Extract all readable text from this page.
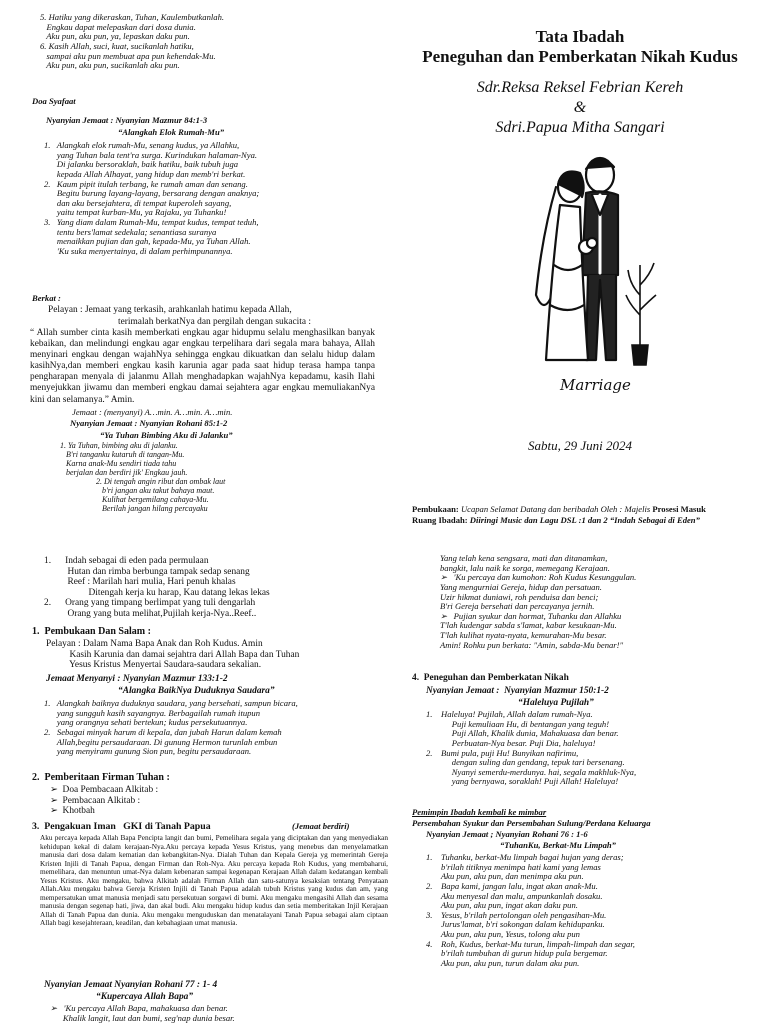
5. Hatiku yang dikeraskan, Tuhan, Kaulembutkanlah.
Engkau dapat melepaskan dari dosa dunia.
Aku pun, aku pun, ya, lepaskan daku pun.
6. Kasih Allah, suci, kuat, sucikanlah hatiku,
sampai aku pun membuat apa pun kehendak-Mu.
Aku pun, aku pun, sucikanlah aku pun.
Doa Syafaat
Nyanyian Jemaat : Nyanyian Mazmur 84:1-3
“Alangkah Elok Rumah-Mu”
1.   Alangkah elok rumah-Mu, senang kudus, ya Allahku,
yang Tuhan bala tent'ra surga. Kurindukan halaman-Nya.
Di jalanku bersoraklah, baik hatiku, baik tubuh juga
kepada Allah Alhayat, yang hidup dan memb'ri berkat.
2.   Kaum pipit itulah terbang, ke rumah aman dan senang.
Begitu burung layang-layang, bersarang dengan anaknya;
dan aku bersejahtera, di tempat kuperoleh sayang,
yaitu tempat kurban-Mu, ya Rajaku, ya Tuhanku!
3.   Yang diam dalam Rumah-Mu, tempat kudus, tempat teduh,
tentu bers'lamat sedekala; senantiasa suranya
menaikkan pujian dan gah, kepada-Mu, ya Tuhan Allah.
'Ku suka menyertainya, di dalam perhimpunannya.
Berkat :
Pelayan : Jemaat yang terkasih, arahkanlah hatimu kepada Allah,
terimalah berkatNya dan pergilah dengan sukacita :
“ Allah sumber cinta kasih memberkati engkau agar hidupmu selalu menghasilkan banyak kebaikan, dan melindungi engkau agar engkau terpelihara dari segala mara bahaya, Allah menyinari engkau dengan wajahNya sehingga engkau dikuatkan dan selalu hidup dalam kasihNya,dan memberi engkau kasih karunia agar pada saat hidup terasa hampa tanpa pengharapan menyala di jalanmu Allah menghadapkan wajahNya kepadamu, kasih Ilahi menyejukkan jiwamu dan memberi engkau damai sejahtera agar engkau memuliakanNya kini dan selamanya.” Amin.
Jemaat : (menyanyi) A…min. A…min. A…min.
Nyanyian Jemaat : Nyanyian Rohani 85:1-2
“Ya Tuhan Bimbing Aku di Jalanku”
1. Ya Tuhan, bimbing aku di jalanku.
B'ri tanganku kutaruh di tangan-Mu.
Karna anak-Mu sendiri tiada tahu
berjalan dan berdiri jik' Engkau jauh.
2. Di tengah angin ribut dan ombak laut
b'ri jangan aku takut bahaya maut.
Kulihat bergemilang cahaya-Mu.
Berilah jangan hilang percayaku
Tata Ibadah
Peneguhan dan Pemberkatan Nikah Kudus
Sdr.Reksa Reksel Febrian Kereh
&
Sdri.Papua Mitha Sangari
Marriage
Sabtu, 29 Juni 2024
Pembukaan: Ucapan Selamat Datang dan beribadah Oleh : Majelis Prosesi Masuk
Ruang Ibadah: Diiringi Music dan Lagu DSL :1 dan 2 “Indah Sebagai di Eden”
1.      Indah sebagai di eden pada permulaan
Hutan dan rimba berbunga tampak sedap senang
Reef : Marilah hari mulia, Hari penuh khalas
Ditengah kerja ku harap, Kau datang lekas lekas
2.      Orang yang timpang berlimpat yang tuli dengarlah
Orang yang buta melihat,Pujilah kerja-Nya..Reef..
1.  Pembukaan Dan Salam :
Pelayan : Dalam Nama Bapa Anak dan Roh Kudus. Amin
Kasih Karunia dan damai sejahtra dari Allah Bapa dan Tuhan
Yesus Kristus Menyertai Saudara-saudara sekalian.
Jemaat Menyanyi : Nyanyian Mazmur 133:1-2
“Alangka BaikNya Duduknya Saudara”
1.   Alangkah baiknya duduknya saudara, yang bersehati, sampun bicara,
yang sungguh kasih sayangnya. Berbagailah rumah itupun
yang orangnya sehati bertekun; kudus persekutuannya.
2.   Sebagai minyak harum di kepala, dan jubah Harun dalam kemah
Allah,begitu persaudaraan. Di gunung Hermon turunlah embun
yang menyiramı gunung Sion pun, begitu persaudaraan.
2.  Pemberitaan Firman Tuhan :
➢  Doa Pembacaan Alkitab :
➢  Pembacaan Alkitab :
➢  Khotbah
3.  Pengakuan Iman   GKI di Tanah Papua	(Jemaat berdiri)
Aku percaya kepada Allah Bapa Pencipta langit dan bumi, Pemelihara segala yang diciptakan dan yang menyediakan kehidupan kekal di dalam kerajaan-Nya.Aku percaya kepada Yesus Kristus, yang menebus dan menyelamatkan manusia dari dosa dalam kematian dan kebangkitan-Nya. Dialah Tuhan dan Kepala Gereja yg memerintah Gereja Kristen Injili di Tanah Papua, dengan Firman dan Roh-Nya. Aku percaya kepada Roh Kudus, yang membaharui, memelihara, dan menuntun umat-Nya dalam kebenaran sampai kegenapan Kerajaan Allah dalam kedatangan kembali Yesus Kristus. Aku mengaku, bahwa Alkitab adalah Firman Allah dan satu-satunya kesaksian tentang Penyataan Allah.Aku mengaku bahwa Gereja Kristen Injili di Tanah Papua adalah tubuh Kristus yang kudus dan am, yang mempersatukan umat manusia menjadi satu persekutuan sorgawi di bumi. Aku mengaku mengasihi Allah dan sesama manusia dengan segenap hati, jiwa, dan akal budi. Aku mengaku hidup kudus dan setia memberitakan Injil Kerajaan Allah di Tanah Papua dan dunia. Aku mengaku menguduskan dan menatalayani Tanah Papua sebagai alam ciptaan Allah bagi kesejahteraan, keadilan, dan kebahagiaan umat manusia.
Nyanyian Jemaat Nyanyian Rohani 77 : 1- 4
“Kupercaya Allah Bapa”
➢   'Ku percaya Allah Bapa, mahakuasa dan benar.
Khalik langit, laut dan bumi, seg'nap dunia besar.
Yang telah kena sengsara, mati dan ditanamkan,
bangkit, lalu naik ke sorga, memegang Kerajaan.
➢   'Ku percaya dan kumohon: Roh Kudus Kesunggulan.
Yang mengurniai Gereja, hidup dan persatuan.
Uzir hikmat duniawi, roh penduisa dan benci;
B'ri Gereja bersehati dan percayanya jernih.
➢   Pujian syukur dan hormat, Tuhanku dan Allahku
T'lah kudengar sabda s'lamat, kabar kesukaan-Mu.
T'lah kulihat nyata-nyata, kemurahan-Mu besar.
Amin! Rohku pun berkata: "Amin, sabda-Mu benar!"
4.  Peneguhan dan Pemberkatan Nikah
Nyanyian Jemaat :  Nyanyian Mazmur 150:1-2
“Haleluya Pujilah”
1.    Haleluya! Pujilah, Allah dalam rumah-Nya.
Puji kemuliaan Hu, di bentangan yang teguh!
Puji Allah, Khalik dunia, Mahakuasa dan benar.
Perbuatan-Nya besar. Puji Dia, haleluya!
2.    Bumi pula, puji Hu! Bunyikan nafirimu,
dengan suling dan gendang, tepuk tari bersenang.
Nyanyi semerdu-merdunya. hai, segala makhluk-Nya,
yang bernyawa, soraklah! Puji Allah! Haleluya!
Pemimpin Ibadah kembali ke mimbar
Persembahan Syukur dan Persembahan Sulung/Perdana Keluarga
Nyanyian Jemaat ; Nyanyian Rohani 76 : 1-6
“TuhanKu, Berkat-Mu Limpah”
1.    Tuhanku, berkat-Mu limpah bagai hujan yang deras;
b'rilah titiknya menimpa hati kami yang lemas
Aku pun, aku pun, dan menimpa aku pun.
2.    Bapa kami, jangan lalu, ingat akan anak-Mu.
Aku menyesal dan malu, ampunkanlah dosaku.
Aku pun, aku pun, ingat akan daku pun.
3.    Yesus, b'rilah pertolongan oleh pengasihan-Mu.
Jurus'lamat, b'ri sokongan dalam kehidupanku.
Aku pun, aku pun, Yesus, tolong aku pun
4.    Roh, Kudus, berkat-Mu turun, limpah-limpah dan segar,
b'rilah tumbuhan di gurun hidup pula bergemar.
Aku pun, aku pun, turun dalam aku pun.
